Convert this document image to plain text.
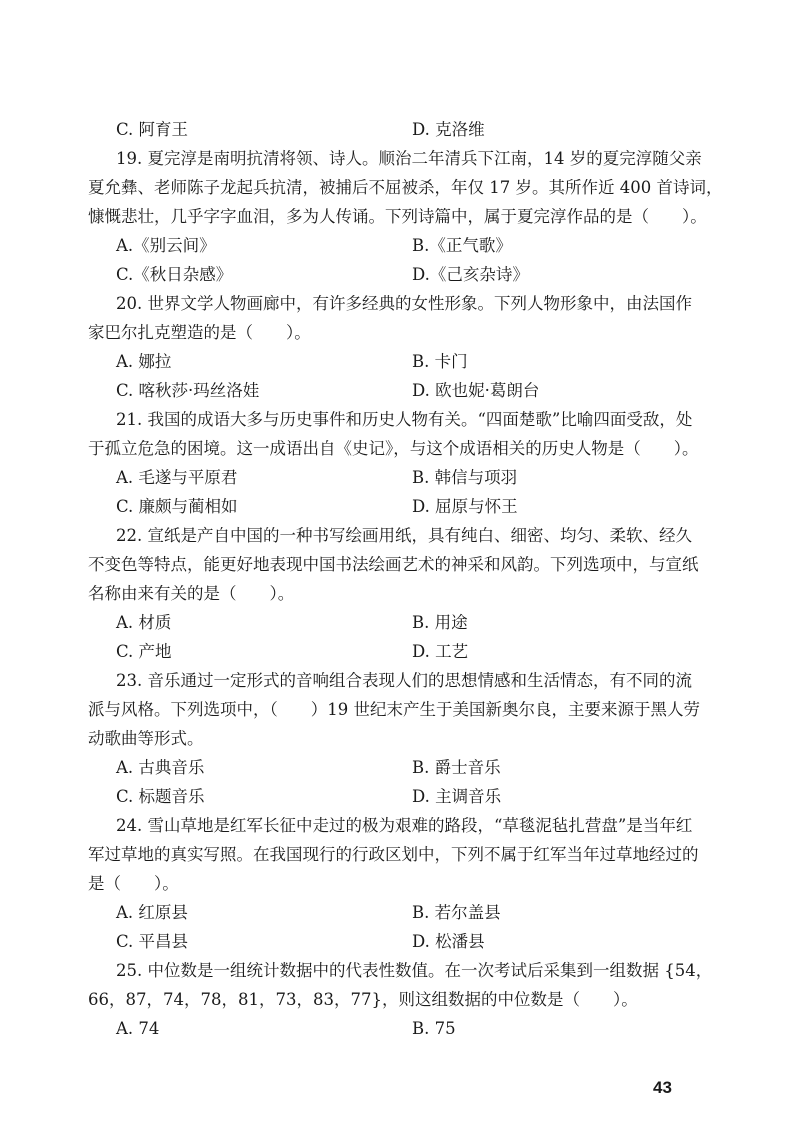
C. 阿育王	D. 克洛维
19. 夏完淳是南明抗清将领、诗人。顺治二年清兵下江南，14 岁的夏完淳随父亲
夏允彝、老师陈子龙起兵抗清，被捕后不屈被杀，年仅 17 岁。其所作近 400 首诗词，
慷慨悲壮，几乎字字血泪，多为人传诵。下列诗篇中，属于夏完淳作品的是（　　）。
A.《别云间》	B.《正气歌》
C.《秋日杂感》	D.《己亥杂诗》
20. 世界文学人物画廊中，有许多经典的女性形象。下列人物形象中，由法国作
家巴尔扎克塑造的是（　　）。
A. 娜拉	B. 卡门
C. 喀秋莎·玛丝洛娃	D. 欧也妮·葛朗台
21. 我国的成语大多与历史事件和历史人物有关。“四面楚歌”比喻四面受敌，处
于孤立危急的困境。这一成语出自《史记》，与这个成语相关的历史人物是（　　）。
A. 毛遂与平原君	B. 韩信与项羽
C. 廉颇与蔺相如	D. 屈原与怀王
22. 宣纸是产自中国的一种书写绘画用纸，具有纯白、细密、均匀、柔软、经久
不变色等特点，能更好地表现中国书法绘画艺术的神采和风韵。下列选项中，与宣纸
名称由来有关的是（　　）。
A. 材质	B. 用途
C. 产地	D. 工艺
23. 音乐通过一定形式的音响组合表现人们的思想情感和生活情态，有不同的流
派与风格。下列选项中，（　　）19 世纪末产生于美国新奥尔良，主要来源于黑人劳
动歌曲等形式。
A. 古典音乐	B. 爵士音乐
C. 标题音乐	D. 主调音乐
24. 雪山草地是红军长征中走过的极为艰难的路段，“草毯泥毡扎营盘”是当年红
军过草地的真实写照。在我国现行的行政区划中，下列不属于红军当年过草地经过的
是（　　）。
A. 红原县	B. 若尔盖县
C. 平昌县	D. 松潘县
25. 中位数是一组统计数据中的代表性数值。在一次考试后采集到一组数据 {54，
66，87，74，78，81，73，83，77}，则这组数据的中位数是（　　）。
A. 74	B. 75
43
